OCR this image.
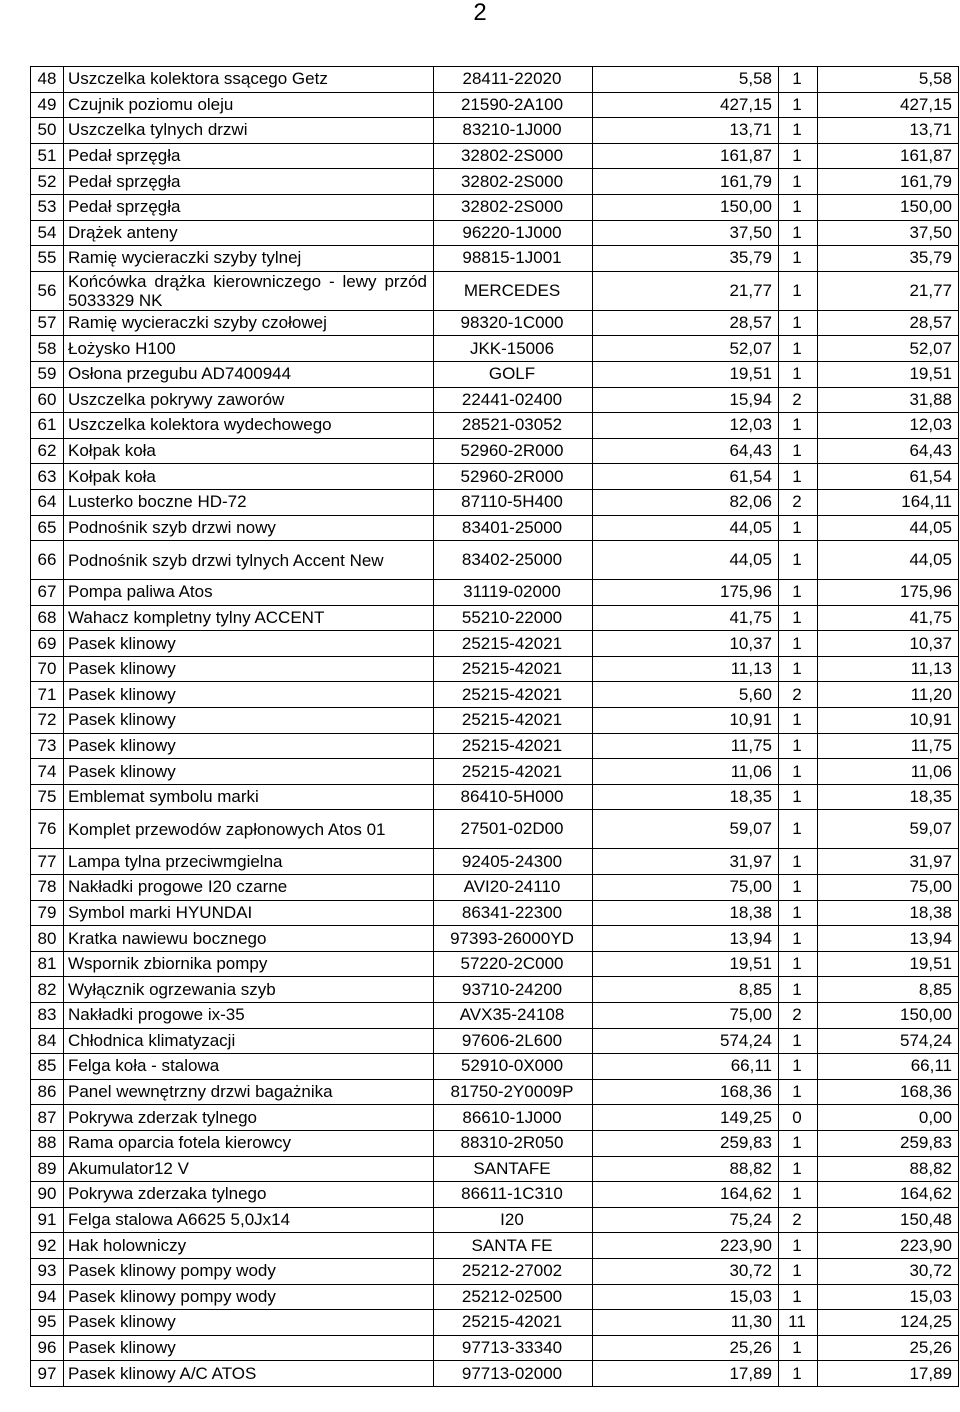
2
48	Uszczelka kolektora ssącego Getz	28411-22020	5,58	1	5,58
49	Czujnik poziomu oleju	21590-2A100	427,15	1	427,15
50	Uszczelka tylnych drzwi	83210-1J000	13,71	1	13,71
51	Pedał sprzęgła	32802-2S000	161,87	1	161,87
52	Pedał sprzęgła	32802-2S000	161,79	1	161,79
53	Pedał sprzęgła	32802-2S000	150,00	1	150,00
54	Drążek anteny	96220-1J000	37,50	1	37,50
55	Ramię wycieraczki szyby tylnej	98815-1J001	35,79	1	35,79
56	Końcówka drążka kierowniczego - lewy przód 5033329 NK	MERCEDES	21,77	1	21,77
57	Ramię wycieraczki szyby czołowej	98320-1C000	28,57	1	28,57
58	Łożysko H100	JKK-15006	52,07	1	52,07
59	Osłona przegubu AD7400944	GOLF	19,51	1	19,51
60	Uszczelka pokrywy zaworów	22441-02400	15,94	2	31,88
61	Uszczelka kolektora wydechowego	28521-03052	12,03	1	12,03
62	Kołpak koła	52960-2R000	64,43	1	64,43
63	Kołpak koła	52960-2R000	61,54	1	61,54
64	Lusterko boczne HD-72	87110-5H400	82,06	2	164,11
65	Podnośnik szyb drzwi nowy	83401-25000	44,05	1	44,05
66	Podnośnik szyb drzwi tylnych Accent New	83402-25000	44,05	1	44,05
67	Pompa paliwa Atos	31119-02000	175,96	1	175,96
68	Wahacz kompletny tylny ACCENT	55210-22000	41,75	1	41,75
69	Pasek klinowy	25215-42021	10,37	1	10,37
70	Pasek klinowy	25215-42021	11,13	1	11,13
71	Pasek klinowy	25215-42021	5,60	2	11,20
72	Pasek klinowy	25215-42021	10,91	1	10,91
73	Pasek klinowy	25215-42021	11,75	1	11,75
74	Pasek klinowy	25215-42021	11,06	1	11,06
75	Emblemat symbolu marki	86410-5H000	18,35	1	18,35
76	Komplet przewodów zapłonowych Atos 01	27501-02D00	59,07	1	59,07
77	Lampa tylna przeciwmgielna	92405-24300	31,97	1	31,97
78	Nakładki progowe I20 czarne	AVI20-24110	75,00	1	75,00
79	Symbol marki HYUNDAI	86341-22300	18,38	1	18,38
80	Kratka nawiewu bocznego	97393-26000YD	13,94	1	13,94
81	Wspornik zbiornika pompy	57220-2C000	19,51	1	19,51
82	Wyłącznik ogrzewania szyb	93710-24200	8,85	1	8,85
83	Nakładki progowe ix-35	AVX35-24108	75,00	2	150,00
84	Chłodnica klimatyzacji	97606-2L600	574,24	1	574,24
85	Felga koła - stalowa	52910-0X000	66,11	1	66,11
86	Panel wewnętrzny drzwi bagażnika	81750-2Y0009P	168,36	1	168,36
87	Pokrywa zderzak tylnego	86610-1J000	149,25	0	0,00
88	Rama oparcia fotela kierowcy	88310-2R050	259,83	1	259,83
89	Akumulator12 V	SANTAFE	88,82	1	88,82
90	Pokrywa zderzaka tylnego	86611-1C310	164,62	1	164,62
91	Felga stalowa A6625 5,0Jx14	I20	75,24	2	150,48
92	Hak holowniczy	SANTA FE	223,90	1	223,90
93	Pasek klinowy pompy wody	25212-27002	30,72	1	30,72
94	Pasek klinowy pompy wody	25212-02500	15,03	1	15,03
95	Pasek klinowy	25215-42021	11,30	11	124,25
96	Pasek klinowy	97713-33340	25,26	1	25,26
97	Pasek klinowy A/C ATOS	97713-02000	17,89	1	17,89
